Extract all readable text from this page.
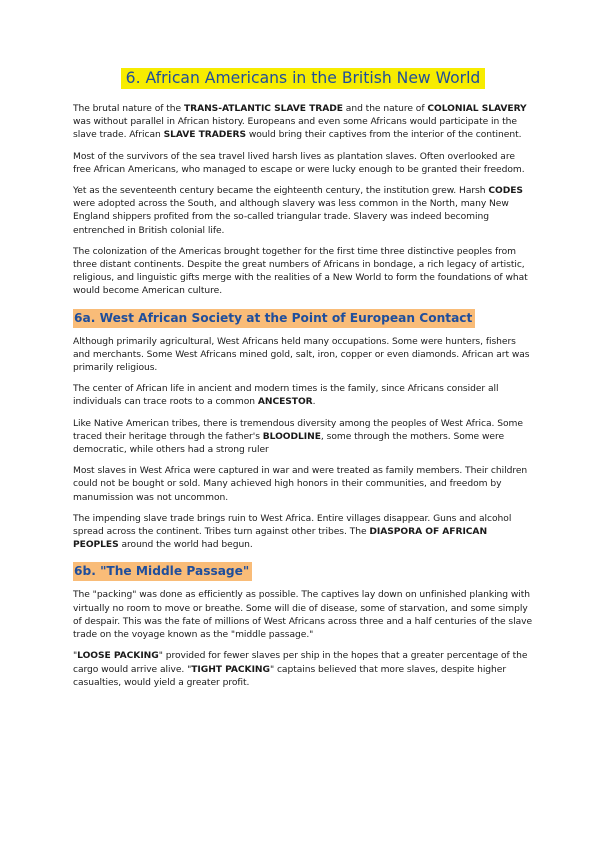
6. African Americans in the British New World

The brutal nature of the TRANS-ATLANTIC SLAVE TRADE and the nature of COLONIAL SLAVERY was without parallel in African history. Europeans and even some Africans would participate in the slave trade. African SLAVE TRADERS would bring their captives from the interior of the continent.

Most of the survivors of the sea travel lived harsh lives as plantation slaves. Often overlooked are free African Americans, who managed to escape or were lucky enough to be granted their freedom.

Yet as the seventeenth century became the eighteenth century, the institution grew. Harsh CODES were adopted across the South, and although slavery was less common in the North, many New England shippers profited from the so-called triangular trade. Slavery was indeed becoming entrenched in British colonial life.

The colonization of the Americas brought together for the first time three distinctive peoples from three distant continents. Despite the great numbers of Africans in bondage, a rich legacy of artistic, religious, and linguistic gifts merge with the realities of a New World to form the foundations of what would become American culture.

6a. West African Society at the Point of European Contact

Although primarily agricultural, West Africans held many occupations. Some were hunters, fishers and merchants. Some West Africans mined gold, salt, iron, copper or even diamonds. African art was primarily religious.

The center of African life in ancient and modern times is the family, since Africans consider all individuals can trace roots to a common ANCESTOR.

Like Native American tribes, there is tremendous diversity among the peoples of West Africa. Some traced their heritage through the father's BLOODLINE, some through the mothers. Some were democratic, while others had a strong ruler

Most slaves in West Africa were captured in war and were treated as family members. Their children could not be bought or sold. Many achieved high honors in their communities, and freedom by manumission was not uncommon.

The impending slave trade brings ruin to West Africa. Entire villages disappear. Guns and alcohol spread across the continent. Tribes turn against other tribes. The DIASPORA OF AFRICAN PEOPLES around the world had begun.

6b. "The Middle Passage"

The "packing" was done as efficiently as possible. The captives lay down on unfinished planking with virtually no room to move or breathe. Some will die of disease, some of starvation, and some simply of despair. This was the fate of millions of West Africans across three and a half centuries of the slave trade on the voyage known as the "middle passage."

"LOOSE PACKING" provided for fewer slaves per ship in the hopes that a greater percentage of the cargo would arrive alive. "TIGHT PACKING" captains believed that more slaves, despite higher casualties, would yield a greater profit.
